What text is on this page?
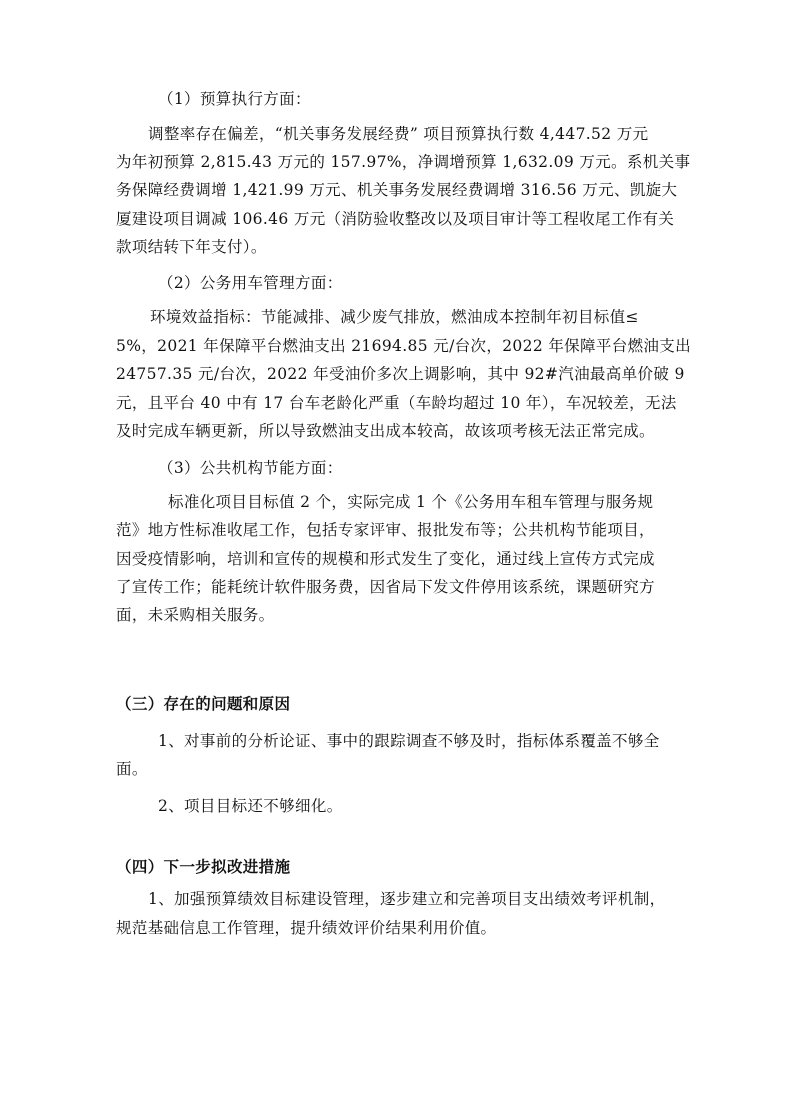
（1）预算执行方面：
调整率存在偏差，“机关事务发展经费” 项目预算执行数 4,447.52 万元
为年初预算 2,815.43 万元的 157.97%，净调增预算 1,632.09 万元。系机关事
务保障经费调增 1,421.99 万元、机关事务发展经费调增 316.56 万元、凯旋大
厦建设项目调减 106.46 万元（消防验收整改以及项目审计等工程收尾工作有关
款项结转下年支付）。
（2）公务用车管理方面：
环境效益指标：节能减排、减少废气排放，燃油成本控制年初目标值≤
5%，2021 年保障平台燃油支出 21694.85 元/台次，2022 年保障平台燃油支出
24757.35 元/台次，2022 年受油价多次上调影响，其中 92#汽油最高单价破 9
元，且平台 40 中有 17 台车老龄化严重（车龄均超过 10 年），车况较差，无法
及时完成车辆更新，所以导致燃油支出成本较高，故该项考核无法正常完成。
（3）公共机构节能方面：
标准化项目目标值 2 个，实际完成 1 个《公务用车租车管理与服务规
范》地方性标准收尾工作，包括专家评审、报批发布等；公共机构节能项目，
因受疫情影响，培训和宣传的规模和形式发生了变化，通过线上宣传方式完成
了宣传工作；能耗统计软件服务费，因省局下发文件停用该系统，课题研究方
面，未采购相关服务。
（三）存在的问题和原因
1、对事前的分析论证、事中的跟踪调查不够及时，指标体系覆盖不够全
面。
2、项目目标还不够细化。
（四）下一步拟改进措施
1、加强预算绩效目标建设管理，逐步建立和完善项目支出绩效考评机制，
规范基础信息工作管理，提升绩效评价结果利用价值。
